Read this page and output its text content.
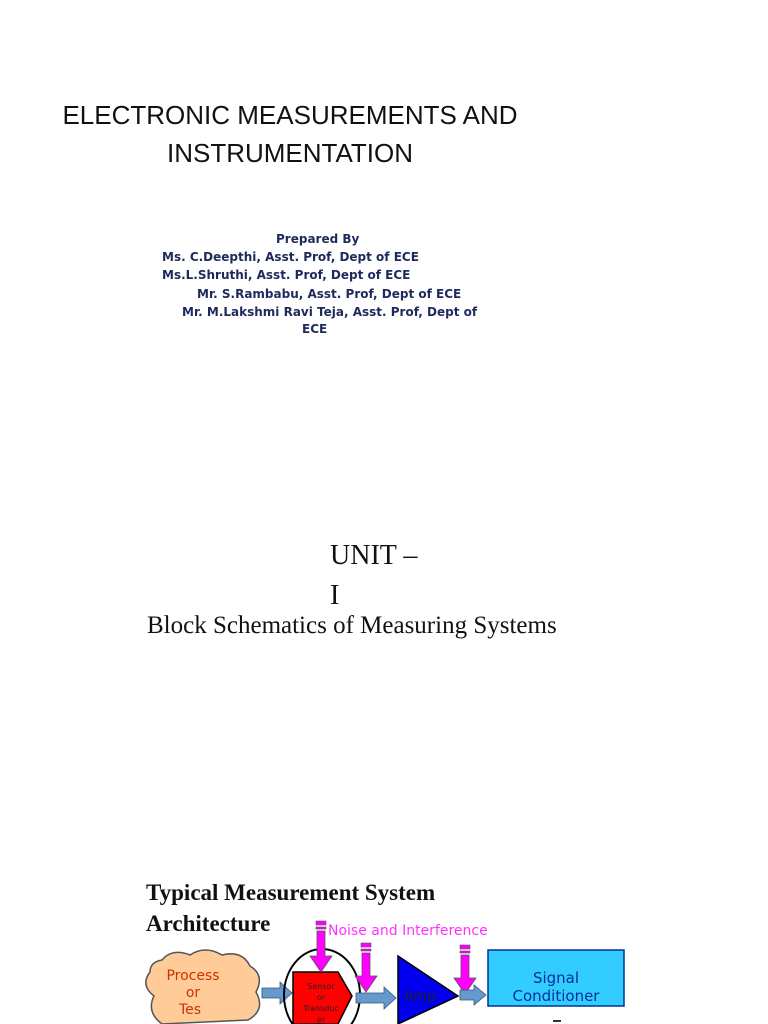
ELECTRONIC MEASUREMENTS AND
INSTRUMENTATION
Prepared By
Ms. C.Deepthi, Asst. Prof, Dept of ECE
Ms.L.Shruthi, Asst. Prof, Dept of ECE
Mr. S.Rambabu, Asst. Prof, Dept of ECE
Mr. M.Lakshmi Ravi Teja, Asst. Prof, Dept of
ECE
UNIT –
I
Block Schematics of Measuring Systems
Typical Measurement System
Architecture	Noise and Interference
Process
or
Tes
Sensor
or
Transduc
er
Amp
Signal
Conditioner
